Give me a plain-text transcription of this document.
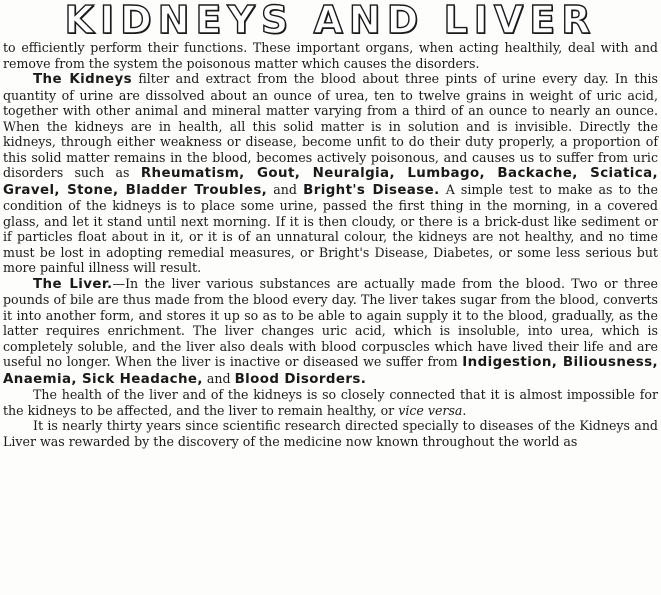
KIDNEYS AND LIVER

to efficiently perform their functions. These important organs, when acting healthily, deal with and remove from the system the poisonous matter which causes the disorders.

The Kidneys filter and extract from the blood about three pints of urine every day. In this quantity of urine are dissolved about an ounce of urea, ten to twelve grains in weight of uric acid, together with other animal and mineral matter varying from a third of an ounce to nearly an ounce. When the kidneys are in health, all this solid matter is in solution and is invisible. Directly the kidneys, through either weakness or disease, become unfit to do their duty properly, a proportion of this solid matter remains in the blood, becomes actively poisonous, and causes us to suffer from uric disorders such as Rheumatism, Gout, Neuralgia, Lumbago, Backache, Sciatica, Gravel, Stone, Bladder Troubles, and Bright's Disease. A simple test to make as to the condition of the kidneys is to place some urine, passed the first thing in the morning, in a covered glass, and let it stand until next morning. If it is then cloudy, or there is a brick-dust like sediment or if particles float about in it, or it is of an unnatural colour, the kidneys are not healthy, and no time must be lost in adopting remedial measures, or Bright's Disease, Diabetes, or some less serious but more painful illness will result.

The Liver.—In the liver various substances are actually made from the blood. Two or three pounds of bile are thus made from the blood every day. The liver takes sugar from the blood, converts it into another form, and stores it up so as to be able to again supply it to the blood, gradually, as the latter requires enrichment. The liver changes uric acid, which is insoluble, into urea, which is completely soluble, and the liver also deals with blood corpuscles which have lived their life and are useful no longer. When the liver is inactive or diseased we suffer from Indigestion, Biliousness, Anaemia, Sick Headache, and Blood Disorders.

The health of the liver and of the kidneys is so closely connected that it is almost impossible for the kidneys to be affected, and the liver to remain healthy, or vice versa.

It is nearly thirty years since scientific research directed specially to diseases of the Kidneys and Liver was rewarded by the discovery of the medicine now known throughout the world as
